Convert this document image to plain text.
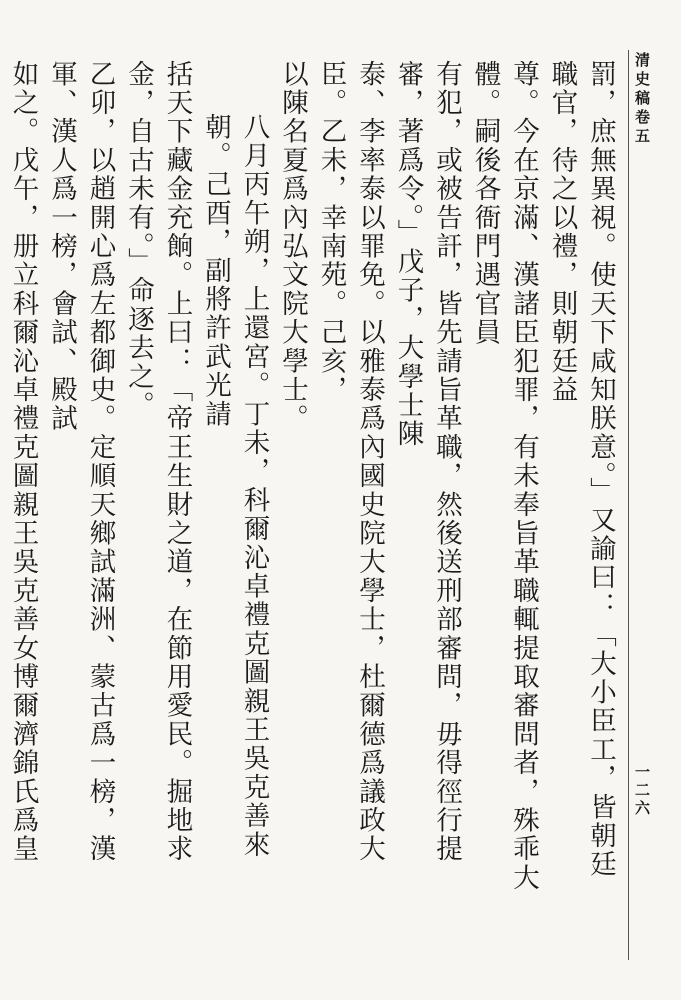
清史稿卷五
一二六
罰，庶無異視。使天下咸知朕意。」又諭曰：「大小臣工，皆朝廷職官，待之以禮，則朝廷益
尊。今在京滿、漢諸臣犯罪，有未奉旨革職輒提取審問者，殊乖大體。嗣後各衙門遇官員
有犯，或被告訐，皆先請旨革職，然後送刑部審問，毋得徑行提審，著爲令。」戊子，大學士陳
泰、李率泰以罪免。以雅泰爲內國史院大學士，杜爾德爲議政大臣。乙未，幸南苑。己亥，
以陳名夏爲內弘文院大學士。
八月丙午朔，上還宮。丁未，科爾沁卓禮克圖親王吳克善來朝。己酉，副將許武光請
括天下藏金充餉。上曰：「帝王生財之道，在節用愛民。掘地求金，自古未有。」命逐去之。
乙卯，以趙開心爲左都御史。定順天鄉試滿洲、蒙古爲一榜，漢軍、漢人爲一榜，會試、殿試
如之。戊午，册立科爾沁卓禮克圖親王吳克善女博爾濟錦氏爲皇
